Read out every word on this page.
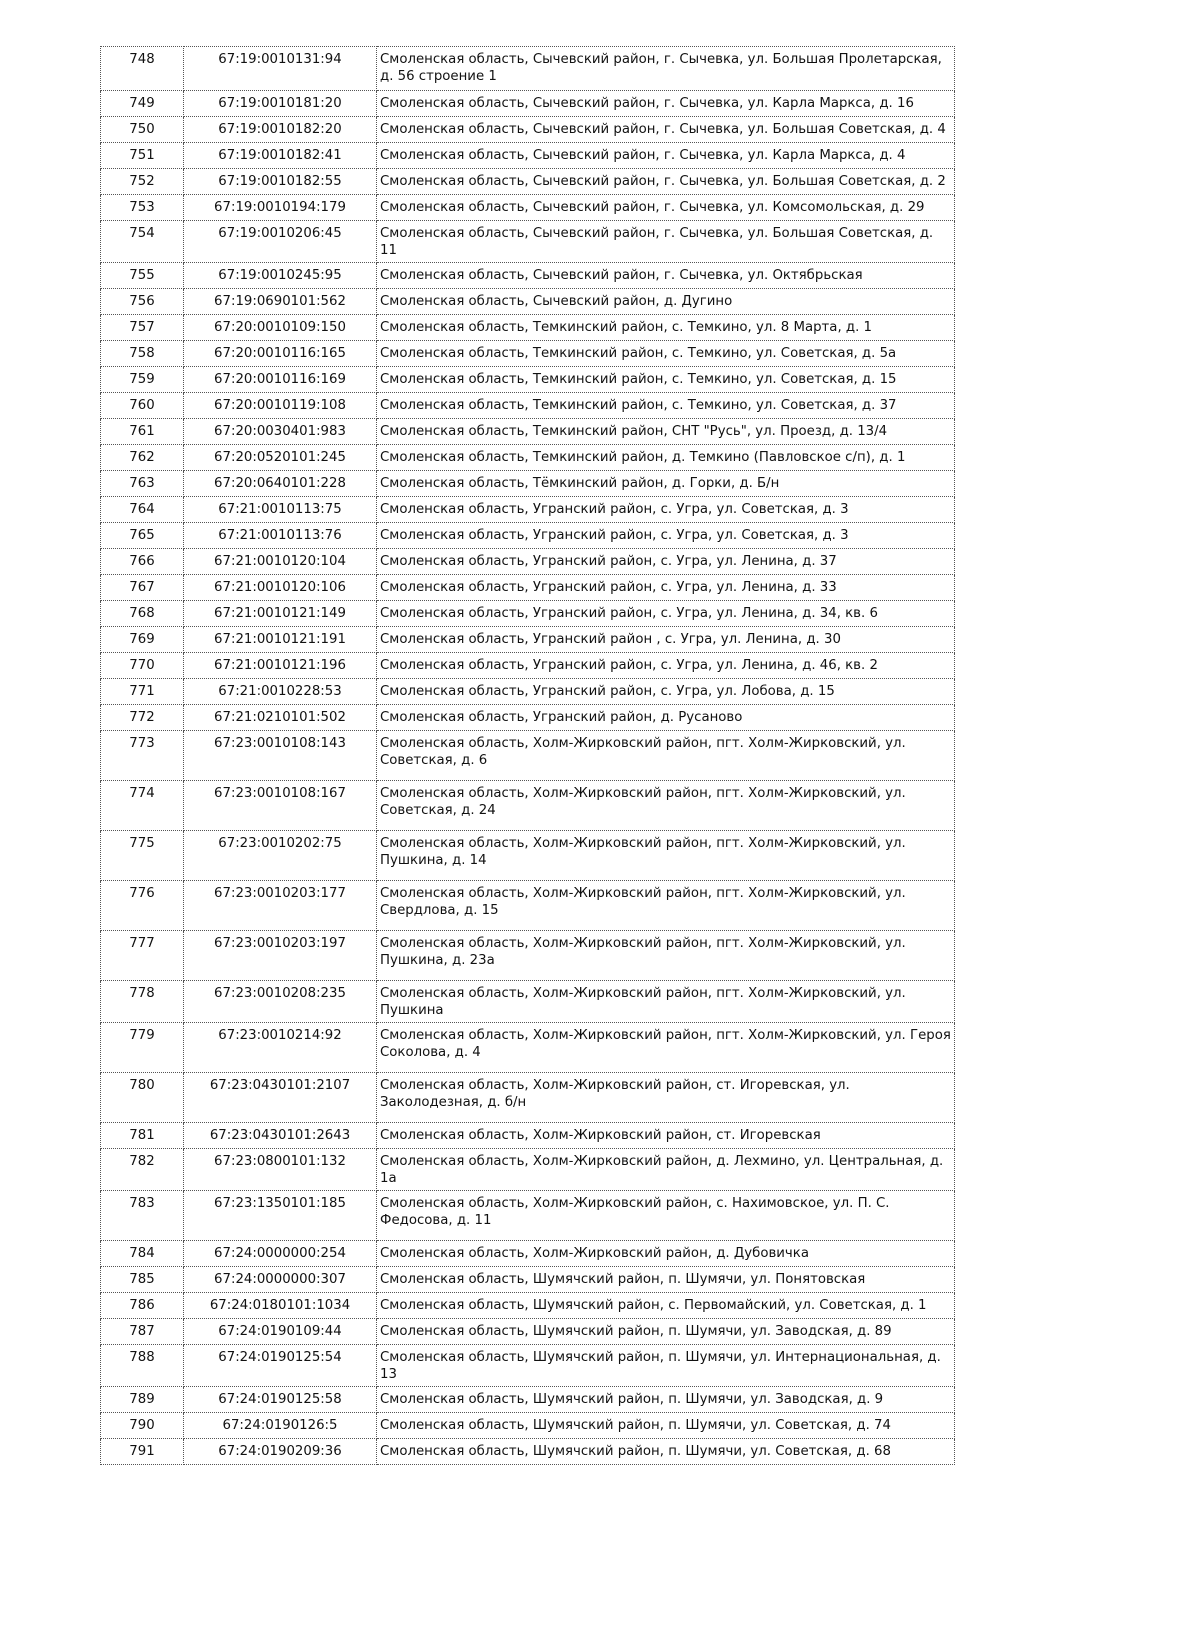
748	67:19:0010131:94	Смоленская область, Сычевский район, г. Сычевка, ул. Большая Пролетарская, д. 56 строение 1
749	67:19:0010181:20	Смоленская область, Сычевский район, г. Сычевка, ул. Карла Маркса, д. 16
750	67:19:0010182:20	Смоленская область, Сычевский район, г. Сычевка, ул. Большая Советская, д. 4
751	67:19:0010182:41	Смоленская область, Сычевский район, г. Сычевка, ул. Карла Маркса, д. 4
752	67:19:0010182:55	Смоленская область, Сычевский район, г. Сычевка, ул. Большая Советская, д. 2
753	67:19:0010194:179	Смоленская область, Сычевский район, г. Сычевка, ул. Комсомольская, д. 29
754	67:19:0010206:45	Смоленская область, Сычевский район, г. Сычевка, ул. Большая Советская, д. 11
755	67:19:0010245:95	Смоленская область, Сычевский район, г. Сычевка, ул. Октябрьская
756	67:19:0690101:562	Смоленская область, Сычевский район, д. Дугино
757	67:20:0010109:150	Смоленская область, Темкинский район, с. Темкино, ул. 8 Марта, д. 1
758	67:20:0010116:165	Смоленская область, Темкинский район, с. Темкино, ул. Советская, д. 5а
759	67:20:0010116:169	Смоленская область, Темкинский район, с. Темкино, ул. Советская, д. 15
760	67:20:0010119:108	Смоленская область, Темкинский район, с. Темкино, ул. Советская, д. 37
761	67:20:0030401:983	Смоленская область, Темкинский район, СНТ "Русь", ул. Проезд, д. 13/4
762	67:20:0520101:245	Смоленская область, Темкинский район, д. Темкино (Павловское с/п), д. 1
763	67:20:0640101:228	Смоленская область, Тёмкинский район, д. Горки, д. Б/н
764	67:21:0010113:75	Смоленская область, Угранский район, с. Угра, ул. Советская, д. 3
765	67:21:0010113:76	Смоленская область, Угранский район, с. Угра, ул. Советская, д. 3
766	67:21:0010120:104	Смоленская область, Угранский район, с. Угра, ул. Ленина, д. 37
767	67:21:0010120:106	Смоленская область, Угранский район, с. Угра, ул. Ленина, д. 33
768	67:21:0010121:149	Смоленская область, Угранский район, с. Угра, ул. Ленина, д. 34, кв. 6
769	67:21:0010121:191	Смоленская область, Угранский район , с. Угра, ул. Ленина, д. 30
770	67:21:0010121:196	Смоленская область, Угранский район, с. Угра, ул. Ленина, д. 46, кв. 2
771	67:21:0010228:53	Смоленская область, Угранский район, с. Угра, ул. Лобова, д. 15
772	67:21:0210101:502	Смоленская область, Угранский район, д. Русаново
773	67:23:0010108:143	Смоленская область, Холм-Жирковский район, пгт. Холм-Жирковский, ул. Советская, д. 6
774	67:23:0010108:167	Смоленская область, Холм-Жирковский район, пгт. Холм-Жирковский, ул. Советская, д. 24
775	67:23:0010202:75	Смоленская область, Холм-Жирковский район, пгт. Холм-Жирковский, ул. Пушкина, д. 14
776	67:23:0010203:177	Смоленская область, Холм-Жирковский район, пгт. Холм-Жирковский, ул. Свердлова, д. 15
777	67:23:0010203:197	Смоленская область, Холм-Жирковский район, пгт. Холм-Жирковский, ул. Пушкина, д. 23а
778	67:23:0010208:235	Смоленская область, Холм-Жирковский район, пгт. Холм-Жирковский, ул. Пушкина
779	67:23:0010214:92	Смоленская область, Холм-Жирковский район, пгт. Холм-Жирковский, ул. Героя Соколова, д. 4
780	67:23:0430101:2107	Смоленская область, Холм-Жирковский район, ст. Игоревская, ул. Заколодезная, д. б/н
781	67:23:0430101:2643	Смоленская область, Холм-Жирковский район, ст. Игоревская
782	67:23:0800101:132	Смоленская область, Холм-Жирковский район, д. Лехмино, ул. Центральная, д. 1а
783	67:23:1350101:185	Смоленская область, Холм-Жирковский район, с. Нахимовское, ул. П. С. Федосова, д. 11
784	67:24:0000000:254	Смоленская область, Холм-Жирковский район, д. Дубовичка
785	67:24:0000000:307	Смоленская область, Шумячский район, п. Шумячи, ул. Понятовская
786	67:24:0180101:1034	Смоленская область, Шумячский район, с. Первомайский, ул. Советская, д. 1
787	67:24:0190109:44	Смоленская область, Шумячский район, п. Шумячи, ул. Заводская, д. 89
788	67:24:0190125:54	Смоленская область, Шумячский район, п. Шумячи, ул. Интернациональная, д. 13
789	67:24:0190125:58	Смоленская область, Шумячский район, п. Шумячи, ул. Заводская, д. 9
790	67:24:0190126:5	Смоленская область, Шумячский район, п. Шумячи, ул. Советская, д. 74
791	67:24:0190209:36	Смоленская область, Шумячский район, п. Шумячи, ул. Советская, д. 68
